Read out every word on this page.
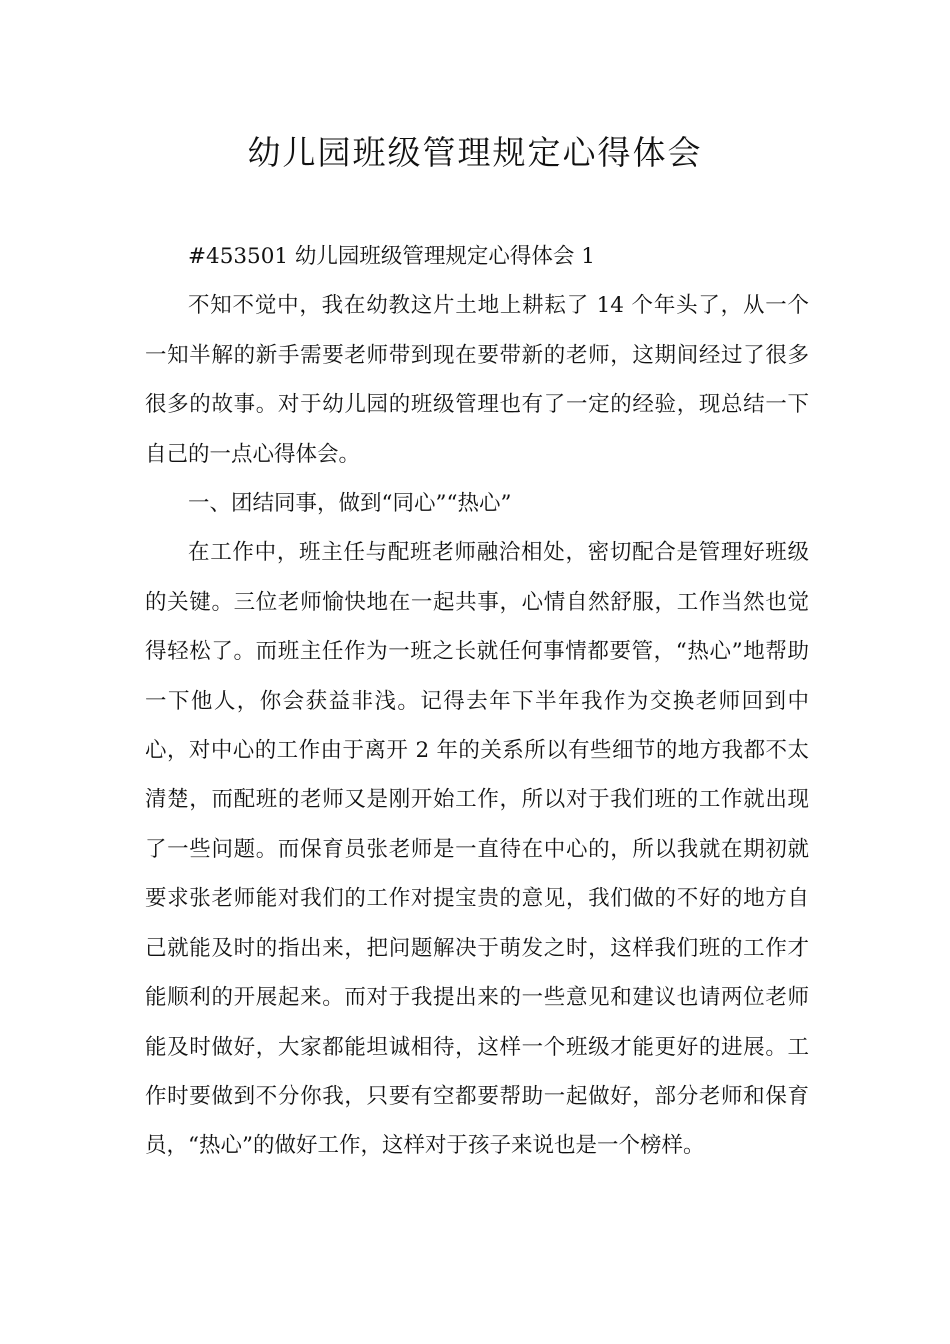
幼儿园班级管理规定心得体会

#453501 幼儿园班级管理规定心得体会 1

不知不觉中，我在幼教这片土地上耕耘了 14 个年头了，从一个一知半解的新手需要老师带到现在要带新的老师，这期间经过了很多很多的故事。对于幼儿园的班级管理也有了一定的经验，现总结一下自己的一点心得体会。

一、团结同事，做到“同心”“热心”

在工作中，班主任与配班老师融洽相处，密切配合是管理好班级的关键。三位老师愉快地在一起共事，心情自然舒服，工作当然也觉得轻松了。而班主任作为一班之长就任何事情都要管，“热心”地帮助一下他人，你会获益非浅。记得去年下半年我作为交换老师回到中心，对中心的工作由于离开 2 年的关系所以有些细节的地方我都不太清楚，而配班的老师又是刚开始工作，所以对于我们班的工作就出现了一些问题。而保育员张老师是一直待在中心的，所以我就在期初就要求张老师能对我们的工作对提宝贵的意见，我们做的不好的地方自己就能及时的指出来，把问题解决于萌发之时，这样我们班的工作才能顺利的开展起来。而对于我提出来的一些意见和建议也请两位老师能及时做好，大家都能坦诚相待，这样一个班级才能更好的进展。工作时要做到不分你我，只要有空都要帮助一起做好，部分老师和保育员，“热心”的做好工作，这样对于孩子来说也是一个榜样。
